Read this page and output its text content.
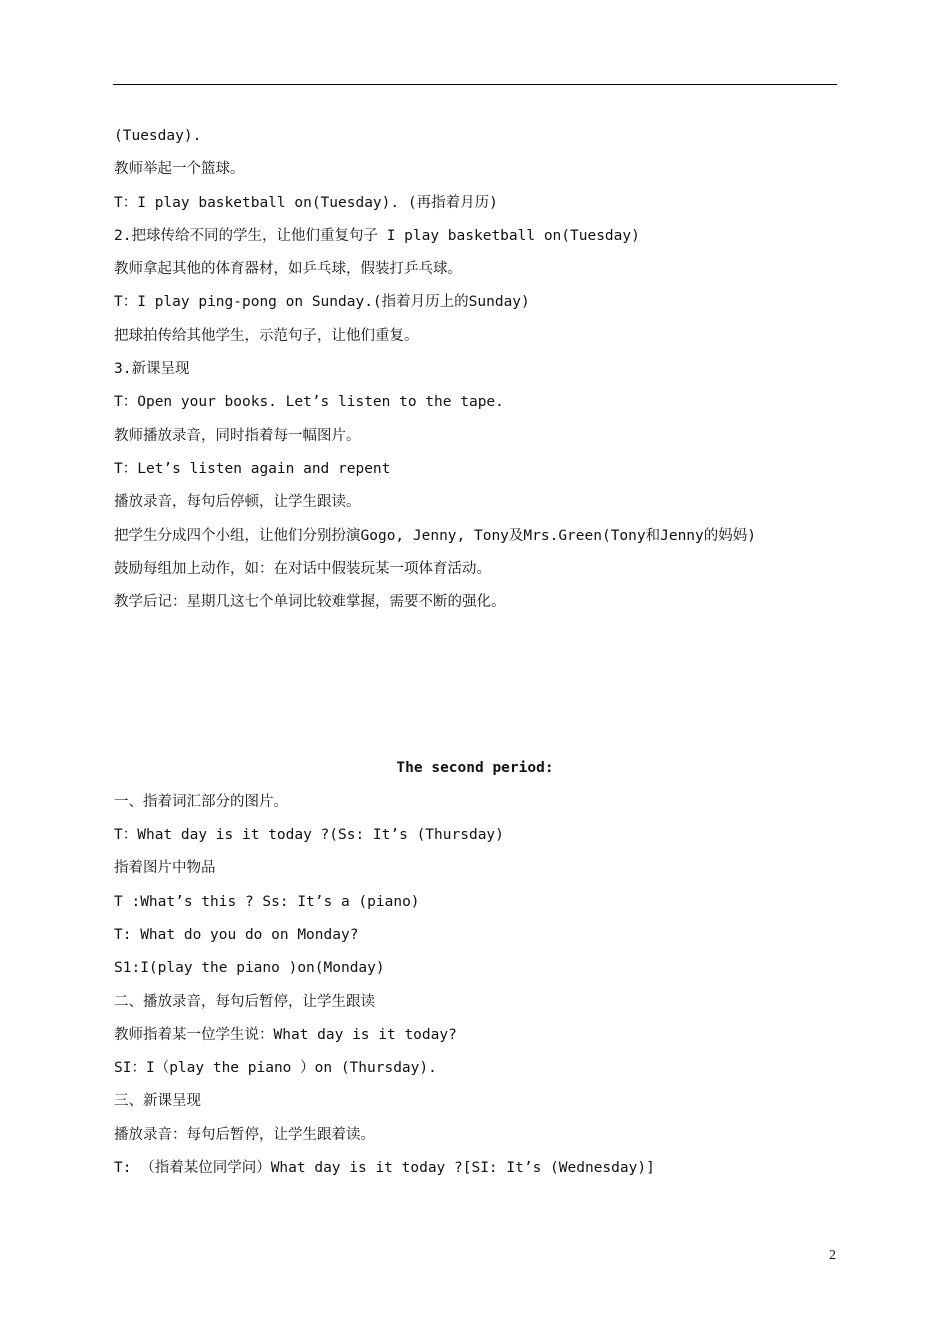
(Tuesday).
教师举起一个篮球。
T：I play basketball on(Tuesday). (再指着月历)
2.把球传给不同的学生，让他们重复句子 I play basketball on(Tuesday)
教师拿起其他的体育器材，如乒乓球，假装打乒乓球。
T：I play ping-pong on Sunday.(指着月历上的Sunday)
把球拍传给其他学生，示范句子，让他们重复。
3.新课呈现
T：Open your books. Let’s listen to the tape.
教师播放录音，同时指着每一幅图片。
T：Let’s listen again and repent
播放录音，每句后停顿，让学生跟读。
把学生分成四个小组，让他们分别扮演Gogo, Jenny, Tony及Mrs.Green(Tony和Jenny的妈妈)
鼓励每组加上动作，如：在对话中假装玩某一项体育活动。
教学后记：星期几这七个单词比较难掌握，需要不断的强化。
The second period:
一、指着词汇部分的图片。
T：What day is it today ?(Ss: It’s (Thursday)
指着图片中物品
T :What’s this ? Ss: It’s a (piano)
T: What do you do on Monday?
S1:I(play the piano )on(Monday)
二、播放录音，每句后暂停，让学生跟读
教师指着某一位学生说：What day is it today?
SI：I（play the piano ）on (Thursday).
三、新课呈现
播放录音：每句后暂停，让学生跟着读。
T: （指着某位同学问）What day is it today ?[SI: It’s (Wednesday)]
2
